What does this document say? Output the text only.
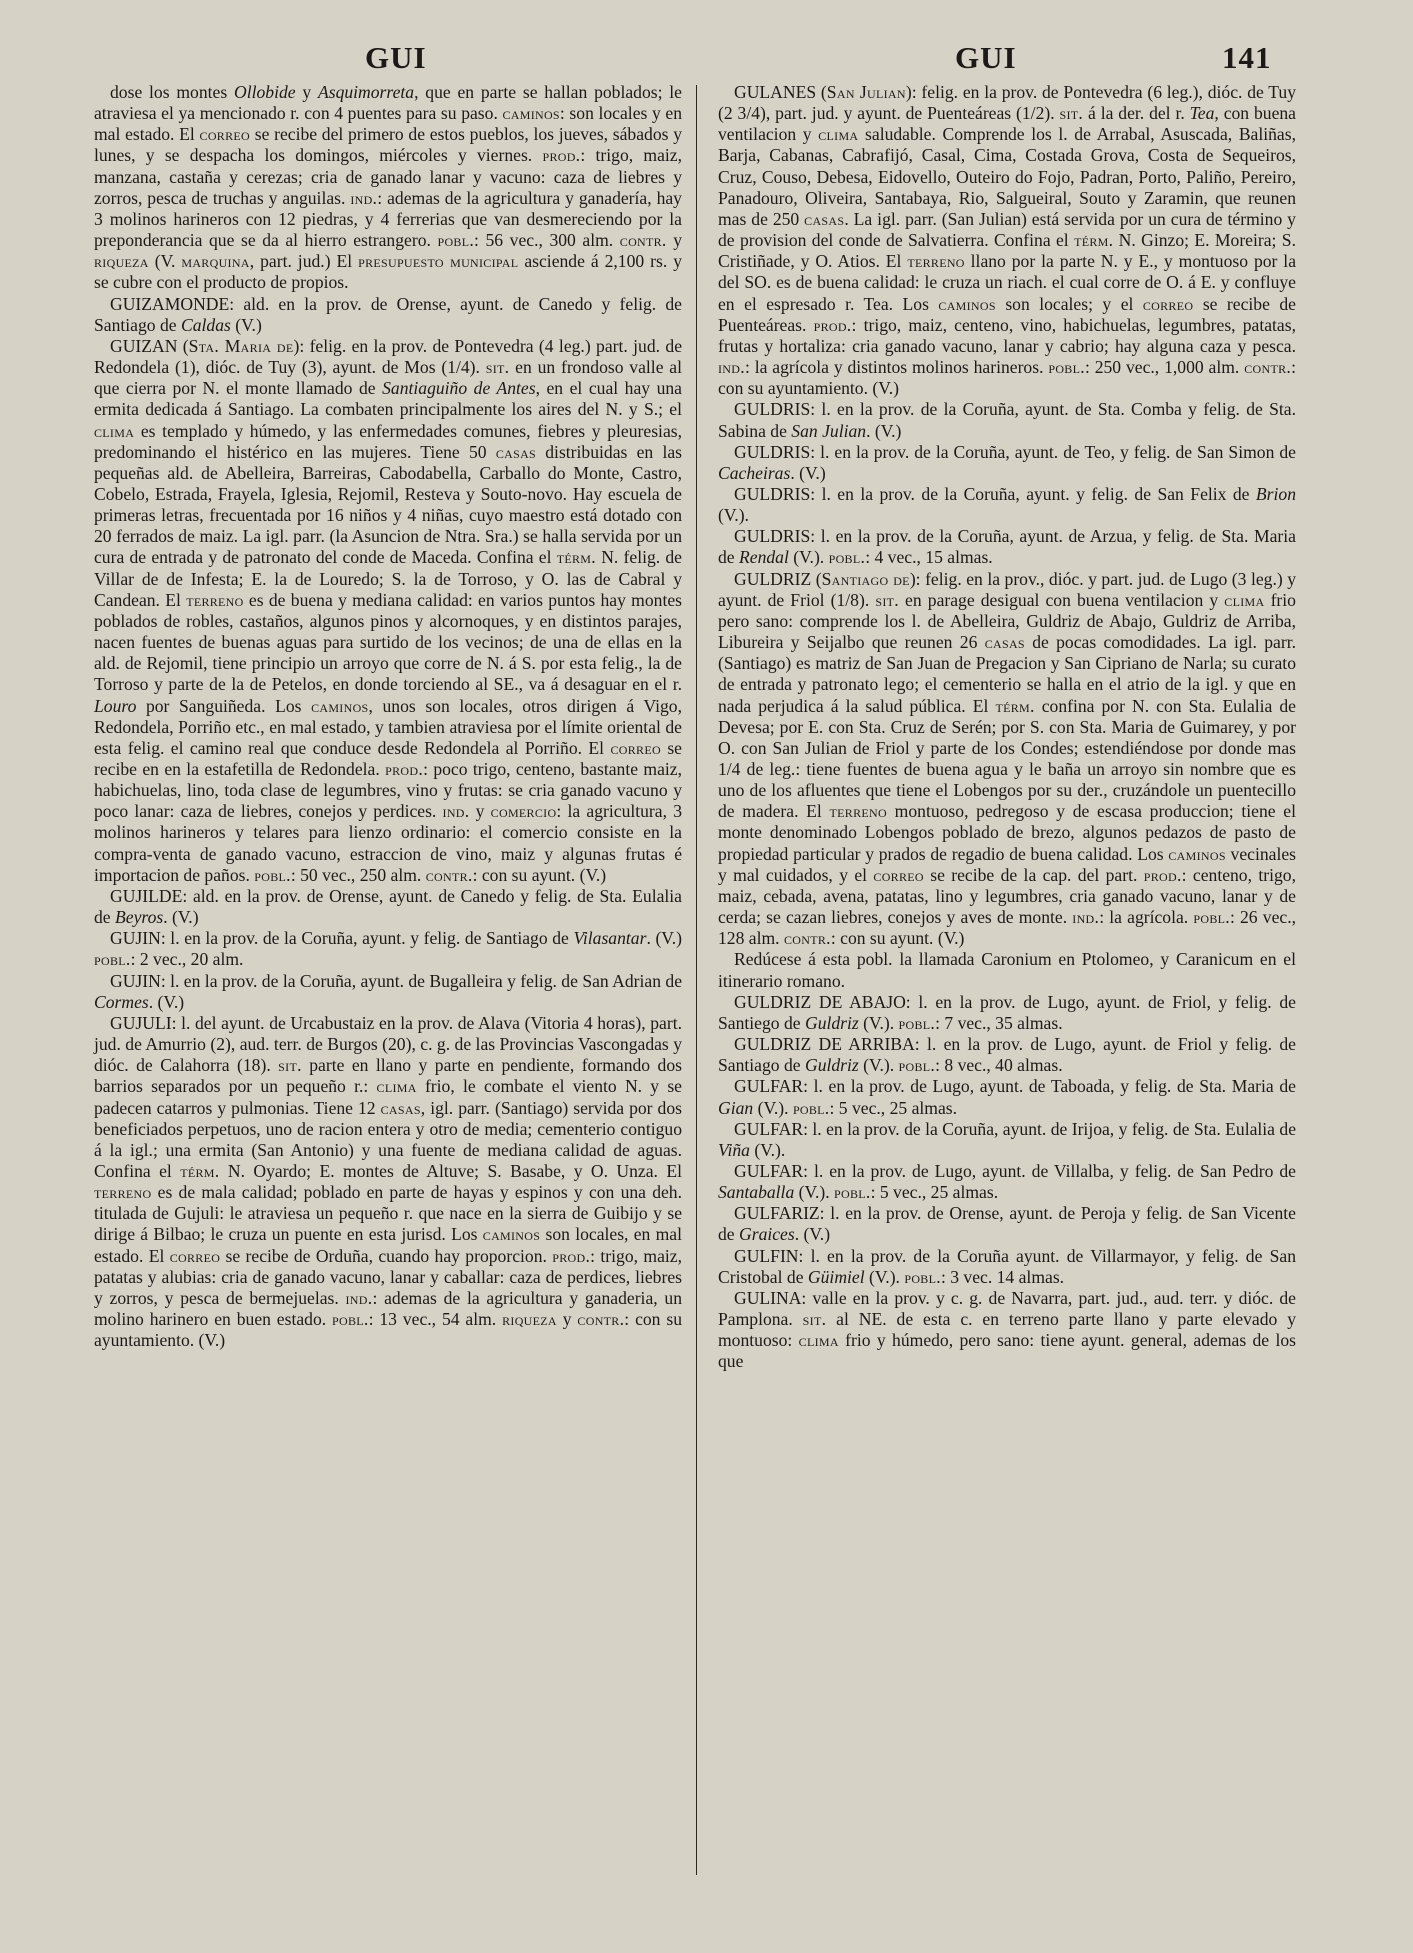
GUI	GUI	141

dose los montes Ollobide y Asquimorreta, que en parte se hallan poblados; le atraviesa el ya mencionado r. con 4 puentes para su paso. caminos: son locales y en mal estado. El correo se recibe del primero de estos pueblos, los jueves, sábados y lunes, y se despacha los domingos, miércoles y viernes. prod.: trigo, maiz, manzana, castaña y cerezas; cria de ganado lanar y vacuno: caza de liebres y zorros, pesca de truchas y anguilas. ind.: ademas de la agricultura y ganadería, hay 3 molinos harineros con 12 piedras, y 4 ferrerias que van desmereciendo por la preponderancia que se da al hierro estrangero. pobl.: 56 vec., 300 alm. contr. y riqueza (V. marquina, part. jud.) El presupuesto municipal asciende á 2,100 rs. y se cubre con el producto de propios.

GUIZAMONDE: ald. en la prov. de Orense, ayunt. de Canedo y felig. de Santiago de Caldas (V.)

GUIZAN (Sta. Maria de): felig. en la prov. de Pontevedra (4 leg.) part. jud. de Redondela (1), dióc. de Tuy (3), ayunt. de Mos (1/4). sit. en un frondoso valle al que cierra por N. el monte llamado de Santiaguiño de Antes, en el cual hay una ermita dedicada á Santiago. La combaten principalmente los aires del N. y S.; el clima es templado y húmedo, y las enfermedades comunes, fiebres y pleuresias, predominando el histérico en las mujeres. Tiene 50 casas distribuidas en las pequeñas ald. de Abelleira, Barreiras, Cabodabella, Carballo do Monte, Castro, Cobelo, Estrada, Frayela, Iglesia, Rejomil, Resteva y Souto-novo. Hay escuela de primeras letras, frecuentada por 16 niños y 4 niñas, cuyo maestro está dotado con 20 ferrados de maiz. La igl. parr. (la Asuncion de Ntra. Sra.) se halla servida por un cura de entrada y de patronato del conde de Maceda. Confina el térm. N. felig. de Villar de de Infesta; E. la de Louredo; S. la de Torroso, y O. las de Cabral y Candean. El terreno es de buena y mediana calidad: en varios puntos hay montes poblados de robles, castaños, algunos pinos y alcornoques, y en distintos parajes, nacen fuentes de buenas aguas para surtido de los vecinos; de una de ellas en la ald. de Rejomil, tiene principio un arroyo que corre de N. á S. por esta felig., la de Torroso y parte de la de Petelos, en donde torciendo al SE., va á desaguar en el r. Louro por Sanguiñeda. Los caminos, unos son locales, otros dirigen á Vigo, Redondela, Porriño etc., en mal estado, y tambien atraviesa por el límite oriental de esta felig. el camino real que conduce desde Redondela al Porriño. El correo se recibe en en la estafetilla de Redondela. prod.: poco trigo, centeno, bastante maiz, habichuelas, lino, toda clase de legumbres, vino y frutas: se cria ganado vacuno y poco lanar: caza de liebres, conejos y perdices. ind. y comercio: la agricultura, 3 molinos harineros y telares para lienzo ordinario: el comercio consiste en la compra-venta de ganado vacuno, estraccion de vino, maiz y algunas frutas é importacion de paños. pobl.: 50 vec., 250 alm. contr.: con su ayunt. (V.)

GUJILDE: ald. en la prov. de Orense, ayunt. de Canedo y felig. de Sta. Eulalia de Beyros. (V.)

GUJIN: l. en la prov. de la Coruña, ayunt. y felig. de Santiago de Vilasantar. (V.) pobl.: 2 vec., 20 alm.

GUJIN: l. en la prov. de la Coruña, ayunt. de Bugalleira y felig. de San Adrian de Cormes. (V.)

GUJULI: l. del ayunt. de Urcabustaiz en la prov. de Alava (Vitoria 4 horas), part. jud. de Amurrio (2), aud. terr. de Burgos (20), c. g. de las Provincias Vascongadas y dióc. de Calahorra (18). sit. parte en llano y parte en pendiente, formando dos barrios separados por un pequeño r.: clima frio, le combate el viento N. y se padecen catarros y pulmonias. Tiene 12 casas, igl. parr. (Santiago) servida por dos beneficiados perpetuos, uno de racion entera y otro de media; cementerio contiguo á la igl.; una ermita (San Antonio) y una fuente de mediana calidad de aguas. Confina el térm. N. Oyardo; E. montes de Altuve; S. Basabe, y O. Unza. El terreno es de mala calidad; poblado en parte de hayas y espinos y con una deh. titulada de Gujuli: le atraviesa un pequeño r. que nace en la sierra de Guibijo y se dirige á Bilbao; le cruza un puente en esta jurisd. Los caminos son locales, en mal estado. El correo se recibe de Orduña, cuando hay proporcion. prod.: trigo, maiz, patatas y alubias: cria de ganado vacuno, lanar y caballar: caza de perdices, liebres y zorros, y pesca de bermejuelas. ind.: ademas de la agricultura y ganaderia, un molino harinero en buen estado. pobl.: 13 vec., 54 alm. riqueza y contr.: con su ayuntamiento. (V.)

GULANES (San Julian): felig. en la prov. de Pontevedra (6 leg.), dióc. de Tuy (2 3/4), part. jud. y ayunt. de Puenteáreas (1/2). sit. á la der. del r. Tea, con buena ventilacion y clima saludable. Comprende los l. de Arrabal, Asuscada, Baliñas, Barja, Cabanas, Cabrafijó, Casal, Cima, Costada Grova, Costa de Sequeiros, Cruz, Couso, Debesa, Eidovello, Outeiro do Fojo, Padran, Porto, Paliño, Pereiro, Panadouro, Oliveira, Santabaya, Rio, Salgueiral, Souto y Zaramin, que reunen mas de 250 casas. La igl. parr. (San Julian) está servida por un cura de término y de provision del conde de Salvatierra. Confina el térm. N. Ginzo; E. Moreira; S. Cristiñade, y O. Atios. El terreno llano por la parte N. y E., y montuoso por la del SO. es de buena calidad: le cruza un riach. el cual corre de O. á E. y confluye en el espresado r. Tea. Los caminos son locales; y el correo se recibe de Puenteáreas. prod.: trigo, maiz, centeno, vino, habichuelas, legumbres, patatas, frutas y hortaliza: cria ganado vacuno, lanar y cabrio; hay alguna caza y pesca. ind.: la agrícola y distintos molinos harineros. pobl.: 250 vec., 1,000 alm. contr.: con su ayuntamiento. (V.)

GULDRIS: l. en la prov. de la Coruña, ayunt. de Sta. Comba y felig. de Sta. Sabina de San Julian. (V.)

GULDRIS: l. en la prov. de la Coruña, ayunt. de Teo, y felig. de San Simon de Cacheiras. (V.)

GULDRIS: l. en la prov. de la Coruña, ayunt. y felig. de San Felix de Brion (V.).

GULDRIS: l. en la prov. de la Coruña, ayunt. de Arzua, y felig. de Sta. Maria de Rendal (V.). pobl.: 4 vec., 15 almas.

GULDRIZ (Santiago de): felig. en la prov., dióc. y part. jud. de Lugo (3 leg.) y ayunt. de Friol (1/8). sit. en parage desigual con buena ventilacion y clima frio pero sano: comprende los l. de Abelleira, Guldriz de Abajo, Guldriz de Arriba, Libureira y Seijalbo que reunen 26 casas de pocas comodidades. La igl. parr. (Santiago) es matriz de San Juan de Pregacion y San Cipriano de Narla; su curato de entrada y patronato lego; el cementerio se halla en el atrio de la igl. y que en nada perjudica á la salud pública. El térm. confina por N. con Sta. Eulalia de Devesa; por E. con Sta. Cruz de Serén; por S. con Sta. Maria de Guimarey, y por O. con San Julian de Friol y parte de los Condes; estendiéndose por donde mas 1/4 de leg.: tiene fuentes de buena agua y le baña un arroyo sin nombre que es uno de los afluentes que tiene el Lobengos por su der., cruzándole un puentecillo de madera. El terreno montuoso, pedregoso y de escasa produccion; tiene el monte denominado Lobengos poblado de brezo, algunos pedazos de pasto de propiedad particular y prados de regadio de buena calidad. Los caminos vecinales y mal cuidados, y el correo se recibe de la cap. del part. prod.: centeno, trigo, maiz, cebada, avena, patatas, lino y legumbres, cria ganado vacuno, lanar y de cerda; se cazan liebres, conejos y aves de monte. ind.: la agrícola. pobl.: 26 vec., 128 alm. contr.: con su ayunt. (V.)

Redúcese á esta pobl. la llamada Caronium en Ptolomeo, y Caranicum en el itinerario romano.

GULDRIZ DE ABAJO: l. en la prov. de Lugo, ayunt. de Friol, y felig. de Santiego de Guldriz (V.). pobl.: 7 vec., 35 almas.

GULDRIZ DE ARRIBA: l. en la prov. de Lugo, ayunt. de Friol y felig. de Santiago de Guldriz (V.). pobl.: 8 vec., 40 almas.

GULFAR: l. en la prov. de Lugo, ayunt. de Taboada, y felig. de Sta. Maria de Gian (V.). pobl.: 5 vec., 25 almas.

GULFAR: l. en la prov. de la Coruña, ayunt. de Irijoa, y felig. de Sta. Eulalia de Viña (V.).

GULFAR: l. en la prov. de Lugo, ayunt. de Villalba, y felig. de San Pedro de Santaballa (V.). pobl.: 5 vec., 25 almas.

GULFARIZ: l. en la prov. de Orense, ayunt. de Peroja y felig. de San Vicente de Graices. (V.)

GULFIN: l. en la prov. de la Coruña ayunt. de Villarmayor, y felig. de San Cristobal de Güimiel (V.). pobl.: 3 vec. 14 almas.

GULINA: valle en la prov. y c. g. de Navarra, part. jud., aud. terr. y dióc. de Pamplona. sit. al NE. de esta c. en terreno parte llano y parte elevado y montuoso: clima frio y húmedo, pero sano: tiene ayunt. general, ademas de los que
